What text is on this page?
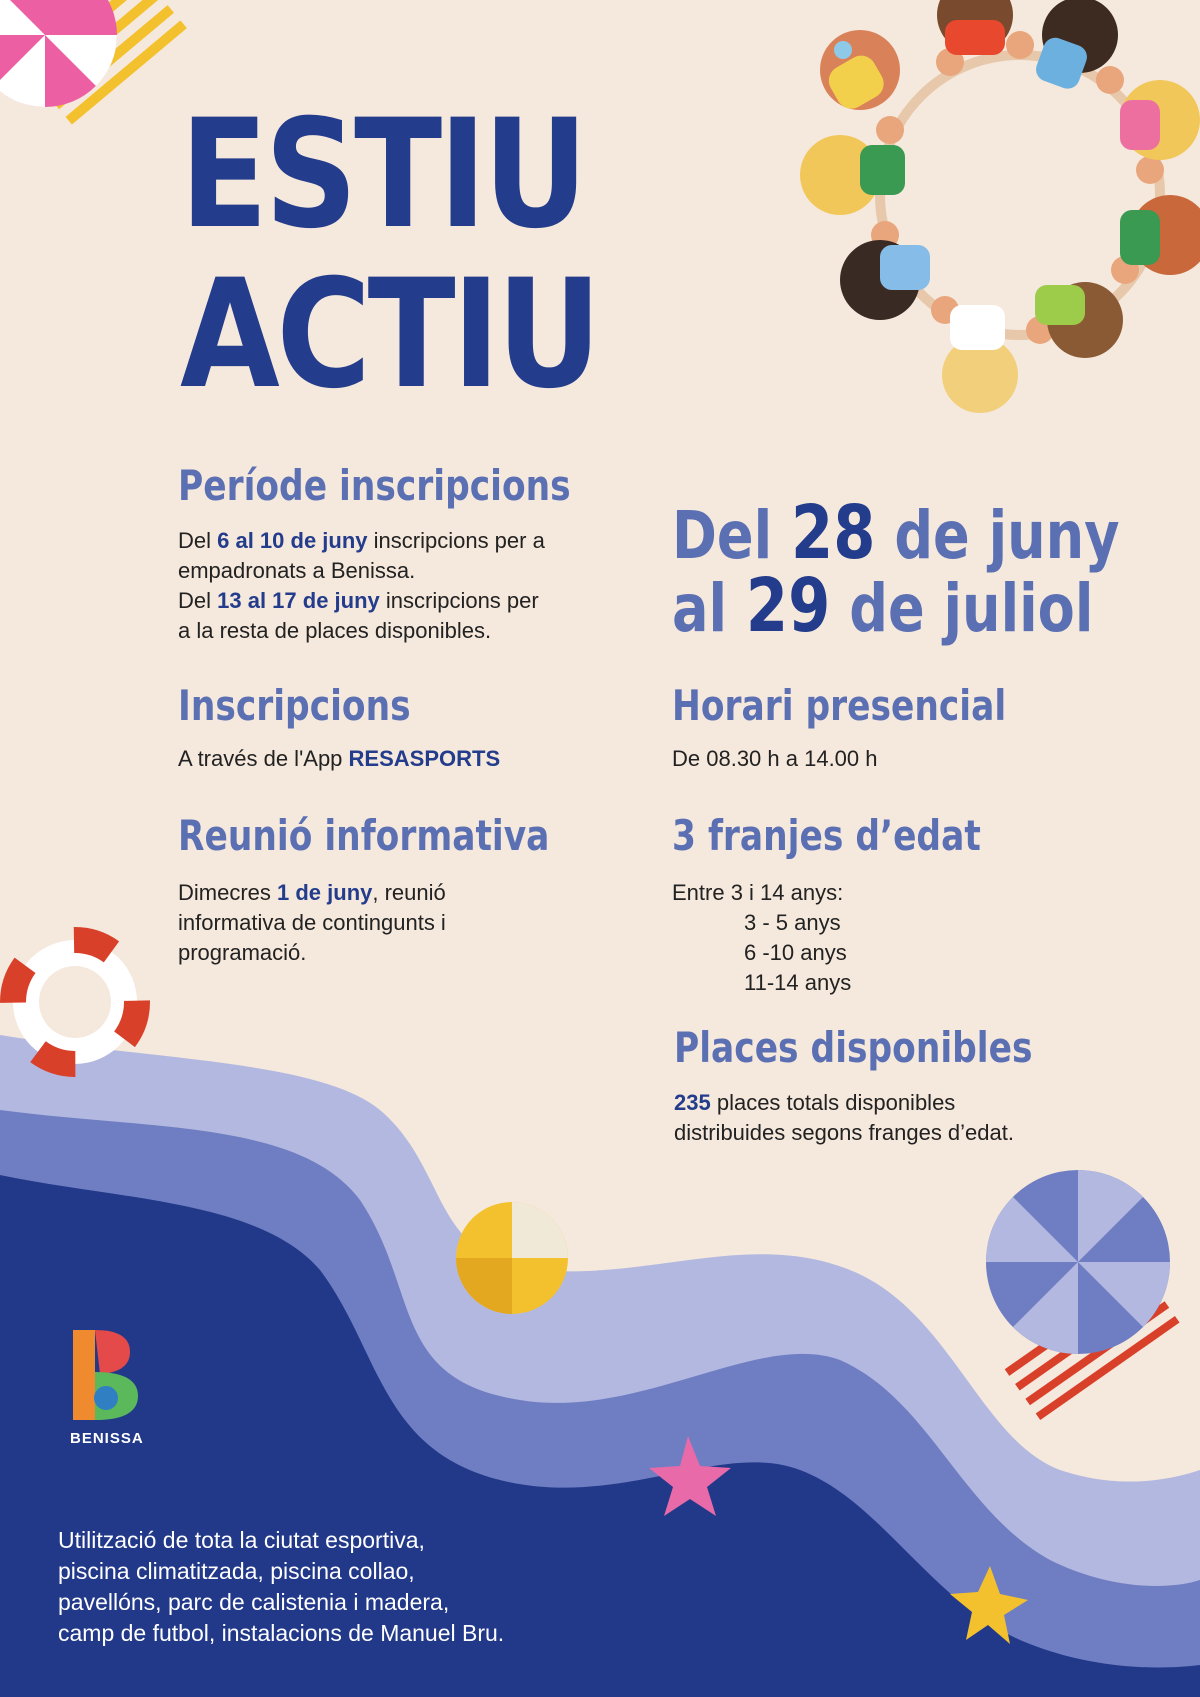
ESTIU
ACTIU
Període inscripcions
Del 6 al 10 de juny inscripcions per a
empadronats a Benissa.
Del 13 al 17 de juny inscripcions per
a la resta de places disponibles.
Inscripcions
A través de l'App RESASPORTS
Reunió informativa
Dimecres 1 de juny, reunió
informativa de contingunts i
programació.
Del 28 de juny
al 29 de juliol
Horari presencial
De 08.30 h a 14.00 h
3 franjes d’edat
Entre 3 i 14 anys:
3 - 5 anys
6 -10 anys
11-14 anys
Places disponibles
235 places totals disponibles
distribuides segons franges d’edat.
BENISSA
Utilització de tota la ciutat esportiva,
piscina climatitzada, piscina collao,
pavellóns, parc de calistenia i madera,
camp de futbol, instalacions de Manuel Bru.
